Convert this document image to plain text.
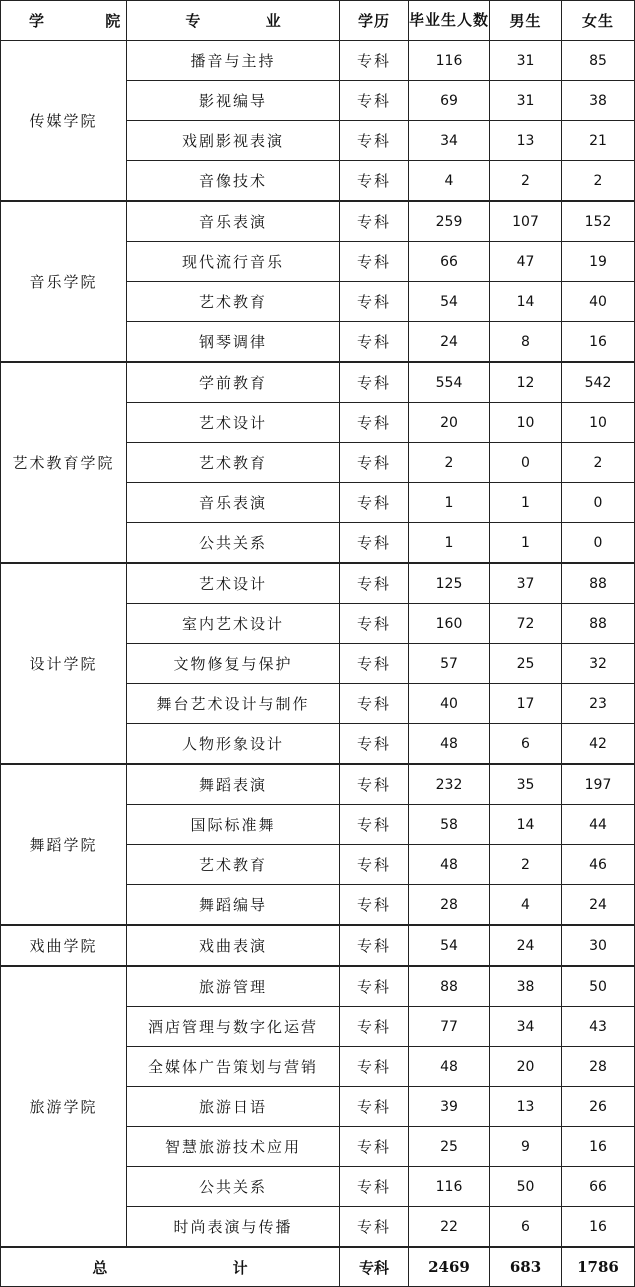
学 院	专 业	学历	毕业生人数	男生	女生
传媒学院	播音与主持	专科	116	31	85
	影视编导	专科	69	31	38
	戏剧影视表演	专科	34	13	21
	音像技术	专科	4	2	2
音乐学院	音乐表演	专科	259	107	152
	现代流行音乐	专科	66	47	19
	艺术教育	专科	54	14	40
	钢琴调律	专科	24	8	16
艺术教育学院	学前教育	专科	554	12	542
	艺术设计	专科	20	10	10
	艺术教育	专科	2	0	2
	音乐表演	专科	1	1	0
	公共关系	专科	1	1	0
设计学院	艺术设计	专科	125	37	88
	室内艺术设计	专科	160	72	88
	文物修复与保护	专科	57	25	32
	舞台艺术设计与制作	专科	40	17	23
	人物形象设计	专科	48	6	42
舞蹈学院	舞蹈表演	专科	232	35	197
	国际标准舞	专科	58	14	44
	艺术教育	专科	48	2	46
	舞蹈编导	专科	28	4	24
戏曲学院	戏曲表演	专科	54	24	30
旅游学院	旅游管理	专科	88	38	50
	酒店管理与数字化运营	专科	77	34	43
	全媒体广告策划与营销	专科	48	20	28
	旅游日语	专科	39	13	26
	智慧旅游技术应用	专科	25	9	16
	公共关系	专科	116	50	66
	时尚表演与传播	专科	22	6	16
总 计		专科	2469	683	1786
